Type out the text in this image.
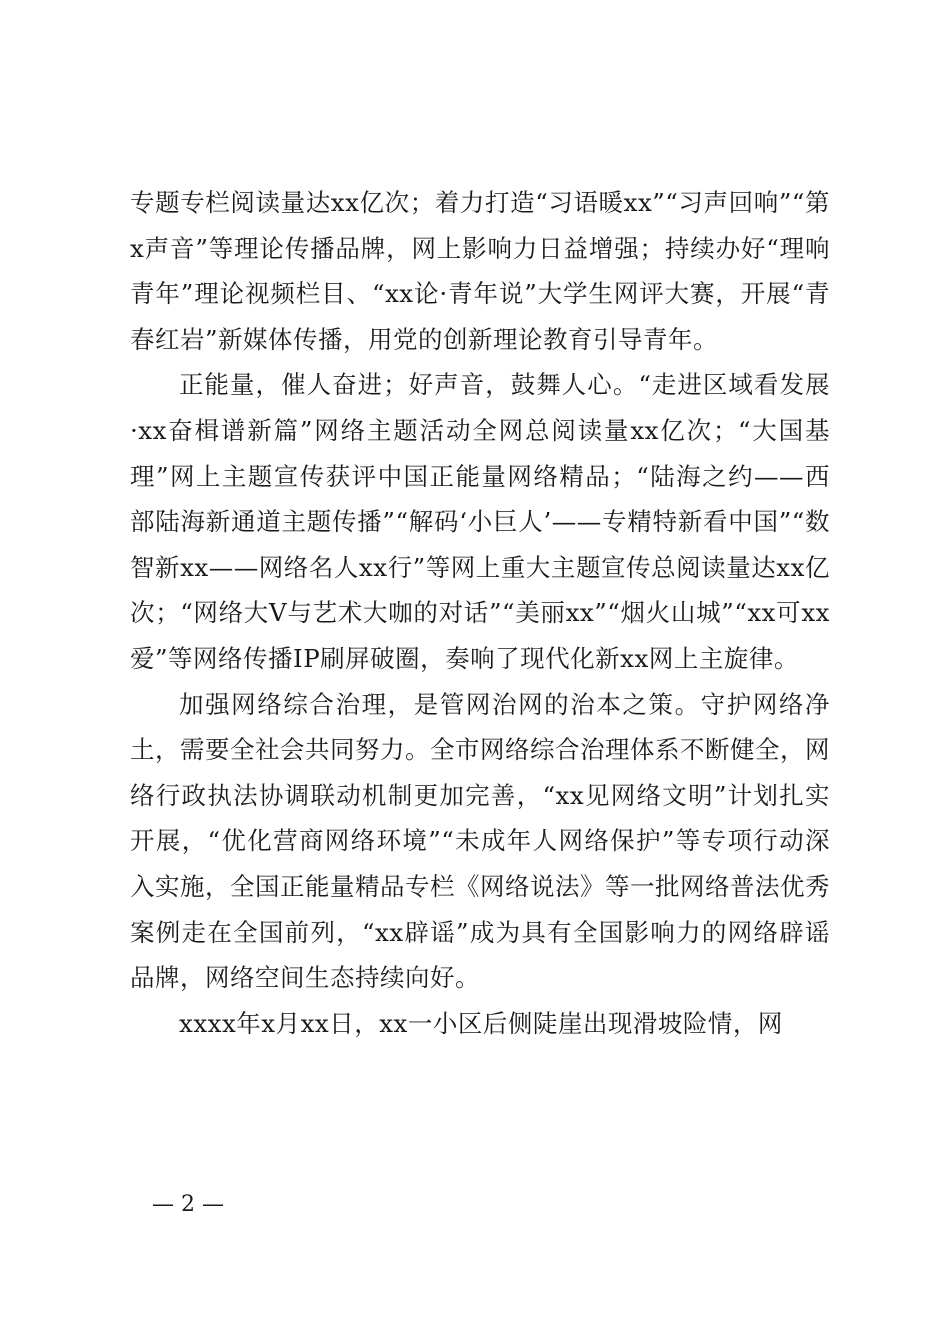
专题专栏阅读量达xx亿次；着力打造“习语暖xx”“习声回响”“第x声音”等理论传播品牌，网上影响力日益增强；持续办好“理响青年”理论视频栏目、“xx论·青年说”大学生网评大赛，开展“青春红岩”新媒体传播，用党的创新理论教育引导青年。

正能量，催人奋进；好声音，鼓舞人心。“走进区域看发展·xx奋楫谱新篇”网络主题活动全网总阅读量xx亿次；“大国基理”网上主题宣传获评中国正能量网络精品；“陆海之约——西部陆海新通道主题传播”“解码‘小巨人’——专精特新看中国”“数智新xx——网络名人xx行”等网上重大主题宣传总阅读量达xx亿次；“网络大V与艺术大咖的对话”“美丽xx”“烟火山城”“xx可xx爱”等网络传播IP刷屏破圈，奏响了现代化新xx网上主旋律。

加强网络综合治理，是管网治网的治本之策。守护网络净土，需要全社会共同努力。全市网络综合治理体系不断健全，网络行政执法协调联动机制更加完善，“xx见网络文明”计划扎实开展，“优化营商网络环境”“未成年人网络保护”等专项行动深入实施，全国正能量精品专栏《网络说法》等一批网络普法优秀案例走在全国前列，“xx辟谣”成为具有全国影响力的网络辟谣品牌，网络空间生态持续向好。

xxxx年x月xx日，xx一小区后侧陡崖出现滑坡险情，网

— 2 —
